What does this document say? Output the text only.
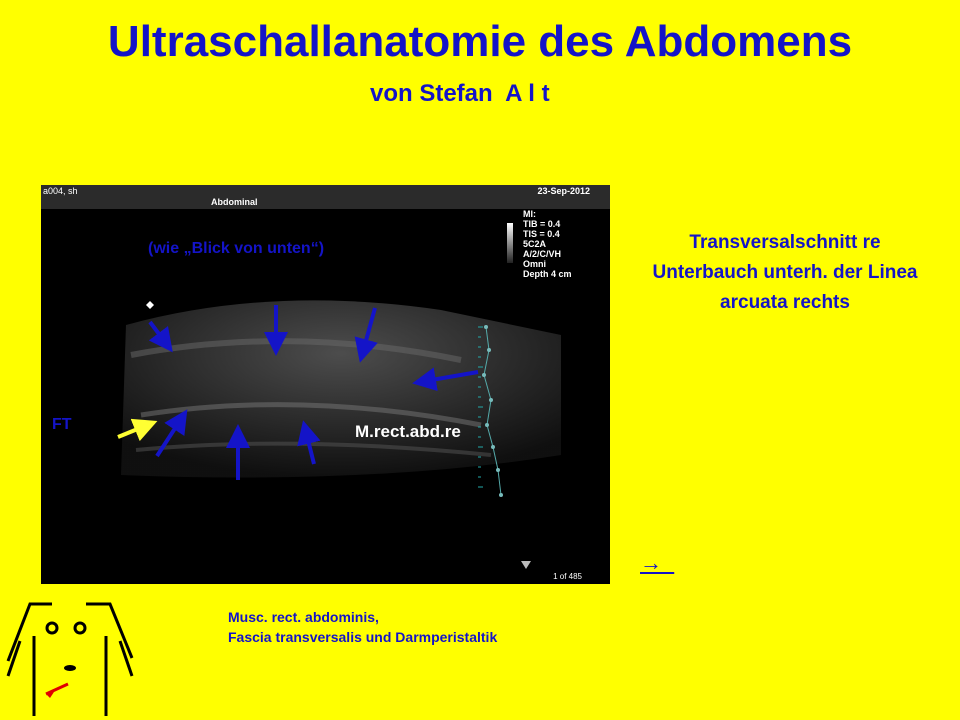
Ultraschallanatomie des Abdomens
von Stefan  A l t
a004, sh
Abdominal
23-Sep-2012
MI:
TIB = 0.4
TIS = 0.4
5C2A
A/2/C/VH
Omni
Depth 4 cm
1 of 485
(wie „Blick von unten“)
FT	M.rect.abd.re
Transversalschnitt re
Unterbauch unterh. der Linea
arcuata rechts
→
Musc. rect. abdominis,
Fascia transversalis und Darmperistaltik
